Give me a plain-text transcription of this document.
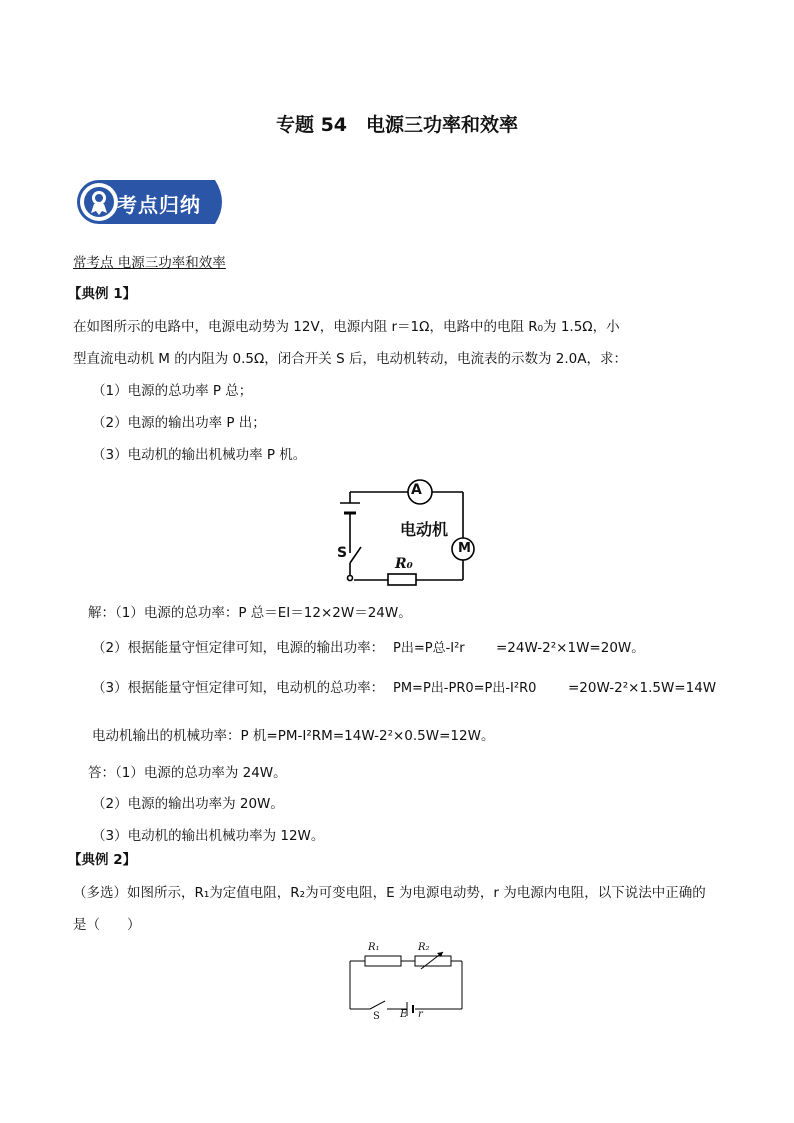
专题 54　电源三功率和效率
考点归纳
常考点 电源三功率和效率
【典例 1】
在如图所示的电路中，电源电动势为 12V，电源内阻 r＝1Ω，电路中的电阻 R₀为 1.5Ω，小
型直流电动机 M 的内阻为 0.5Ω，闭合开关 S 后，电动机转动，电流表的示数为 2.0A，求：
（1）电源的总功率 P 总；
（2）电源的输出功率 P 出；
（3）电动机的输出机械功率 P 机。
A
M
电动机
S
R₀
解：（1）电源的总功率：P 总＝EI＝12×2W＝24W。
（2）根据能量守恒定律可知，电源的输出功率： P出=P总-I²r =24W-2²×1W=20W。
（3）根据能量守恒定律可知，电动机的总功率： PM=P出-PR0=P出-I²R0 =20W-2²×1.5W=14W
电动机输出的机械功率：P 机=PM-I²RM=14W-2²×0.5W=12W。
答：（1）电源的总功率为 24W。
（2）电源的输出功率为 20W。
（3）电动机的输出机械功率为 12W。
【典例 2】
（多选）如图所示，R₁为定值电阻，R₂为可变电阻，E 为电源电动势，r 为电源内电阻，以下说法中正确的
是（　　）
R₁	R₂
S E r
